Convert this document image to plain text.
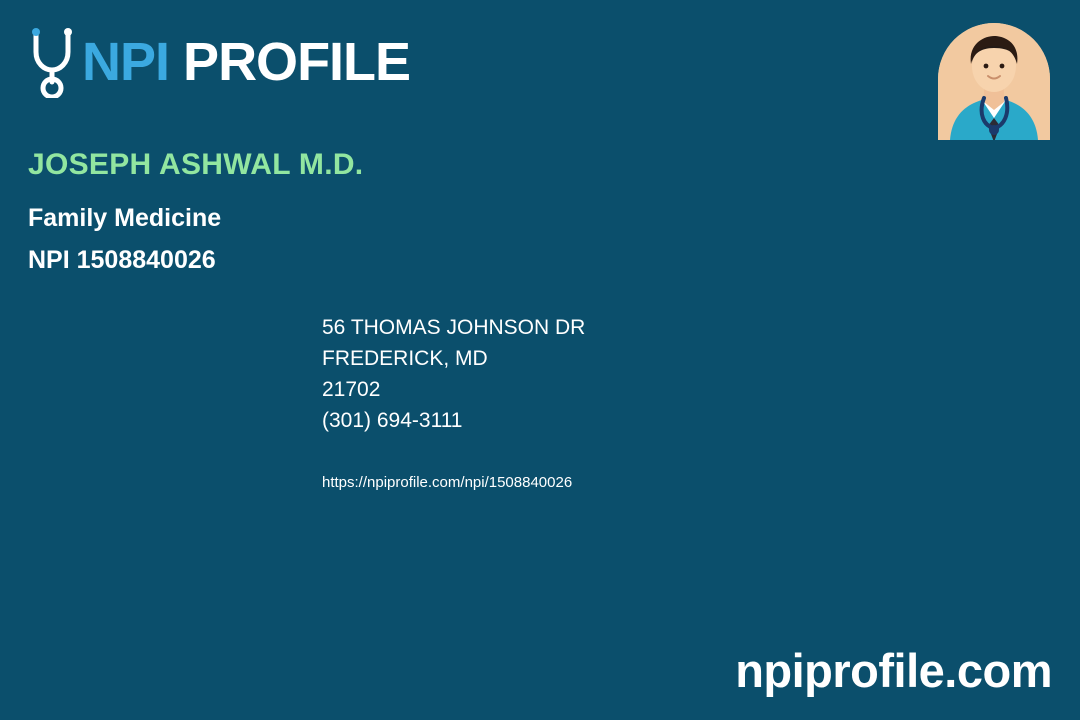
NPI PROFILE
JOSEPH ASHWAL M.D.
Family Medicine
NPI 1508840026
56 THOMAS JOHNSON DR
FREDERICK, MD
21702
(301) 694-3111
https://npiprofile.com/npi/1508840026
npiprofile.com
